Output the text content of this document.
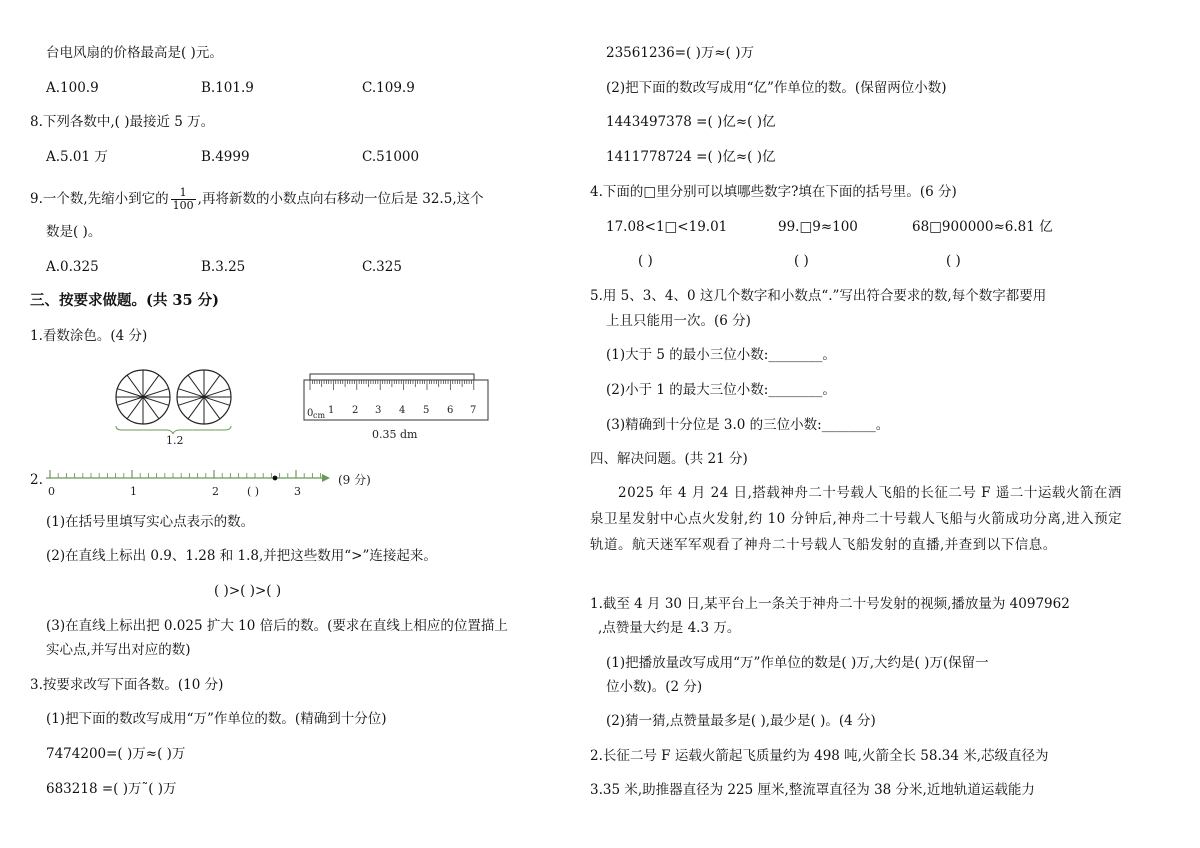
台电风扇的价格最高是( )元。
A.100.9	B.101.9	C.109.9
8.下列各数中,( )最接近 5 万。
A.5.01 万	B.4999	C.51000
9.一个数,先缩小到它的 $\frac{1}{100}$ ,再将新数的小数点向右移动一位后是 32.5,这个
数是( )。
A.0.325	B.3.25	C.325
三、按要求做题。(共 35 分)
1.看数涂色。(4 分)
1.2
0 cm 1 2 3 4 5 6 7
0.35 dm
2.
0	1	2	( )	3
(9 分)
(1)在括号里填写实心点表示的数。
(2)在直线上标出 0.9、1.28 和 1.8,并把这些数用“>”连接起来。
( )>( )>( )
(3)在直线上标出把 0.025 扩大 10 倍后的数。(要求在直线上相应的位置描上
实心点,并写出对应的数)
3.按要求改写下面各数。(10 分)
(1)把下面的数改写成用“万”作单位的数。(精确到十分位)
7474200=( )万≈( )万
683218 =( )万˜( )万
23561236=( )万≈( )万
(2)把下面的数改写成用“亿”作单位的数。(保留两位小数)
1443497378 =( )亿≈( )亿
1411778724 =( )亿≈( )亿
4.下面的□里分别可以填哪些数字?填在下面的括号里。(6 分)
17.08<1□<19.01	99.□9≈100	68□900000≈6.81 亿
( )	( )	( )
5.用 5、3、4、0 这几个数字和小数点“.”写出符合要求的数,每个数字都要用
上且只能用一次。(6 分)
(1)大于 5 的最小三位小数:________。
(2)小于 1 的最大三位小数:________。
(3)精确到十分位是 3.0 的三位小数:________。
四、解决问题。(共 21 分)
2025 年 4 月 24 日,搭载神舟二十号载人飞船的长征二号 F 遥二十运载火箭在酒泉卫星发射中心点火发射,约 10 分钟后,神舟二十号载人飞船与火箭成功分离,进入预定轨道。航天迷军军观看了神舟二十号载人飞船发射的直播,并查到以下信息。
1.截至 4 月 30 日,某平台上一条关于神舟二十号发射的视频,播放量为 4097962
,点赞量大约是 4.3 万。
(1)把播放量改写成用“万”作单位的数是( )万,大约是( )万(保留一
位小数)。(2 分)
(2)猜一猜,点赞量最多是( ),最少是( )。(4 分)
2.长征二号 F 运载火箭起飞质量约为 498 吨,火箭全长 58.34 米,芯级直径为
3.35 米,助推器直径为 225 厘米,整流罩直径为 38 分米,近地轨道运载能力
